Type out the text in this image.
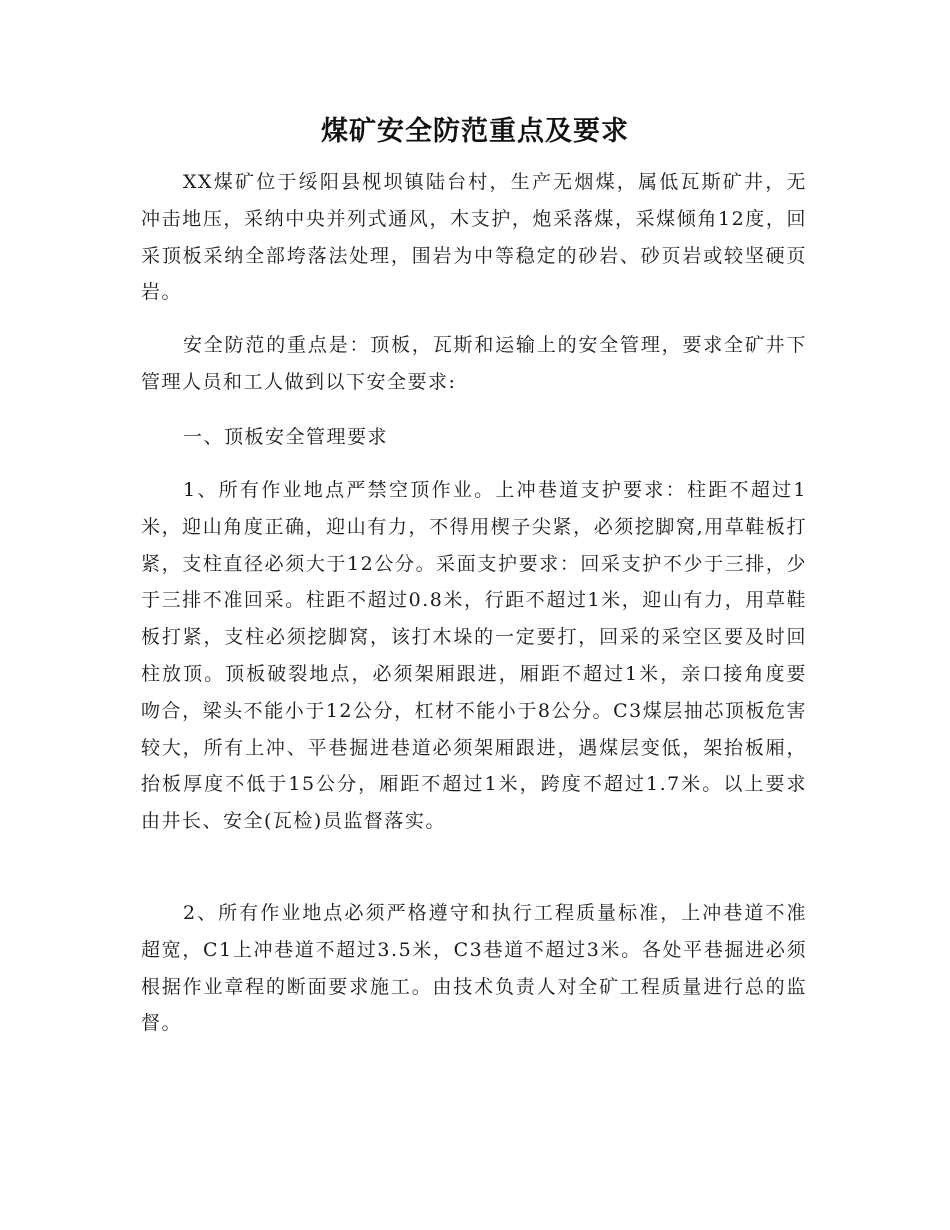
煤矿安全防范重点及要求

XX煤矿位于绥阳县枧坝镇陆台村，生产无烟煤，属低瓦斯矿井，无冲击地压，采纳中央并列式通风，木支护，炮采落煤，采煤倾角12度，回采顶板采纳全部垮落法处理，围岩为中等稳定的砂岩、砂页岩或较坚硬页岩。

安全防范的重点是：顶板，瓦斯和运输上的安全管理，要求全矿井下管理人员和工人做到以下安全要求:

一、顶板安全管理要求

1、所有作业地点严禁空顶作业。上冲巷道支护要求：柱距不超过1米，迎山角度正确，迎山有力，不得用楔子尖紧，必须挖脚窝,用草鞋板打紧，支柱直径必须大于12公分。采面支护要求：回采支护不少于三排，少于三排不准回采。柱距不超过0.8米，行距不超过1米，迎山有力，用草鞋板打紧，支柱必须挖脚窝，该打木垛的一定要打，回采的采空区要及时回柱放顶。顶板破裂地点，必须架厢跟进，厢距不超过1米，亲口接角度要吻合，梁头不能小于12公分，杠材不能小于8公分。C3煤层抽芯顶板危害较大，所有上冲、平巷掘进巷道必须架厢跟进，遇煤层变低，架抬板厢，抬板厚度不低于15公分，厢距不超过1米，跨度不超过1.7米。以上要求由井长、安全(瓦检)员监督落实。

2、所有作业地点必须严格遵守和执行工程质量标准，上冲巷道不准超宽，C1上冲巷道不超过3.5米，C3巷道不超过3米。各处平巷掘进必须根据作业章程的断面要求施工。由技术负责人对全矿工程质量进行总的监督。
